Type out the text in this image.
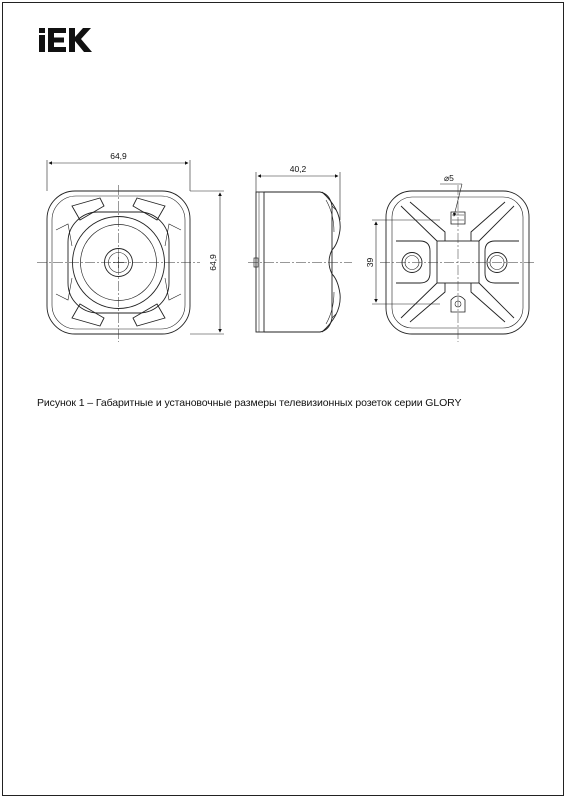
64,9
64,9
40,2
39
⌀5
Рисунок 1 – Габаритные и установочные размеры телевизионных розеток серии GLORY
